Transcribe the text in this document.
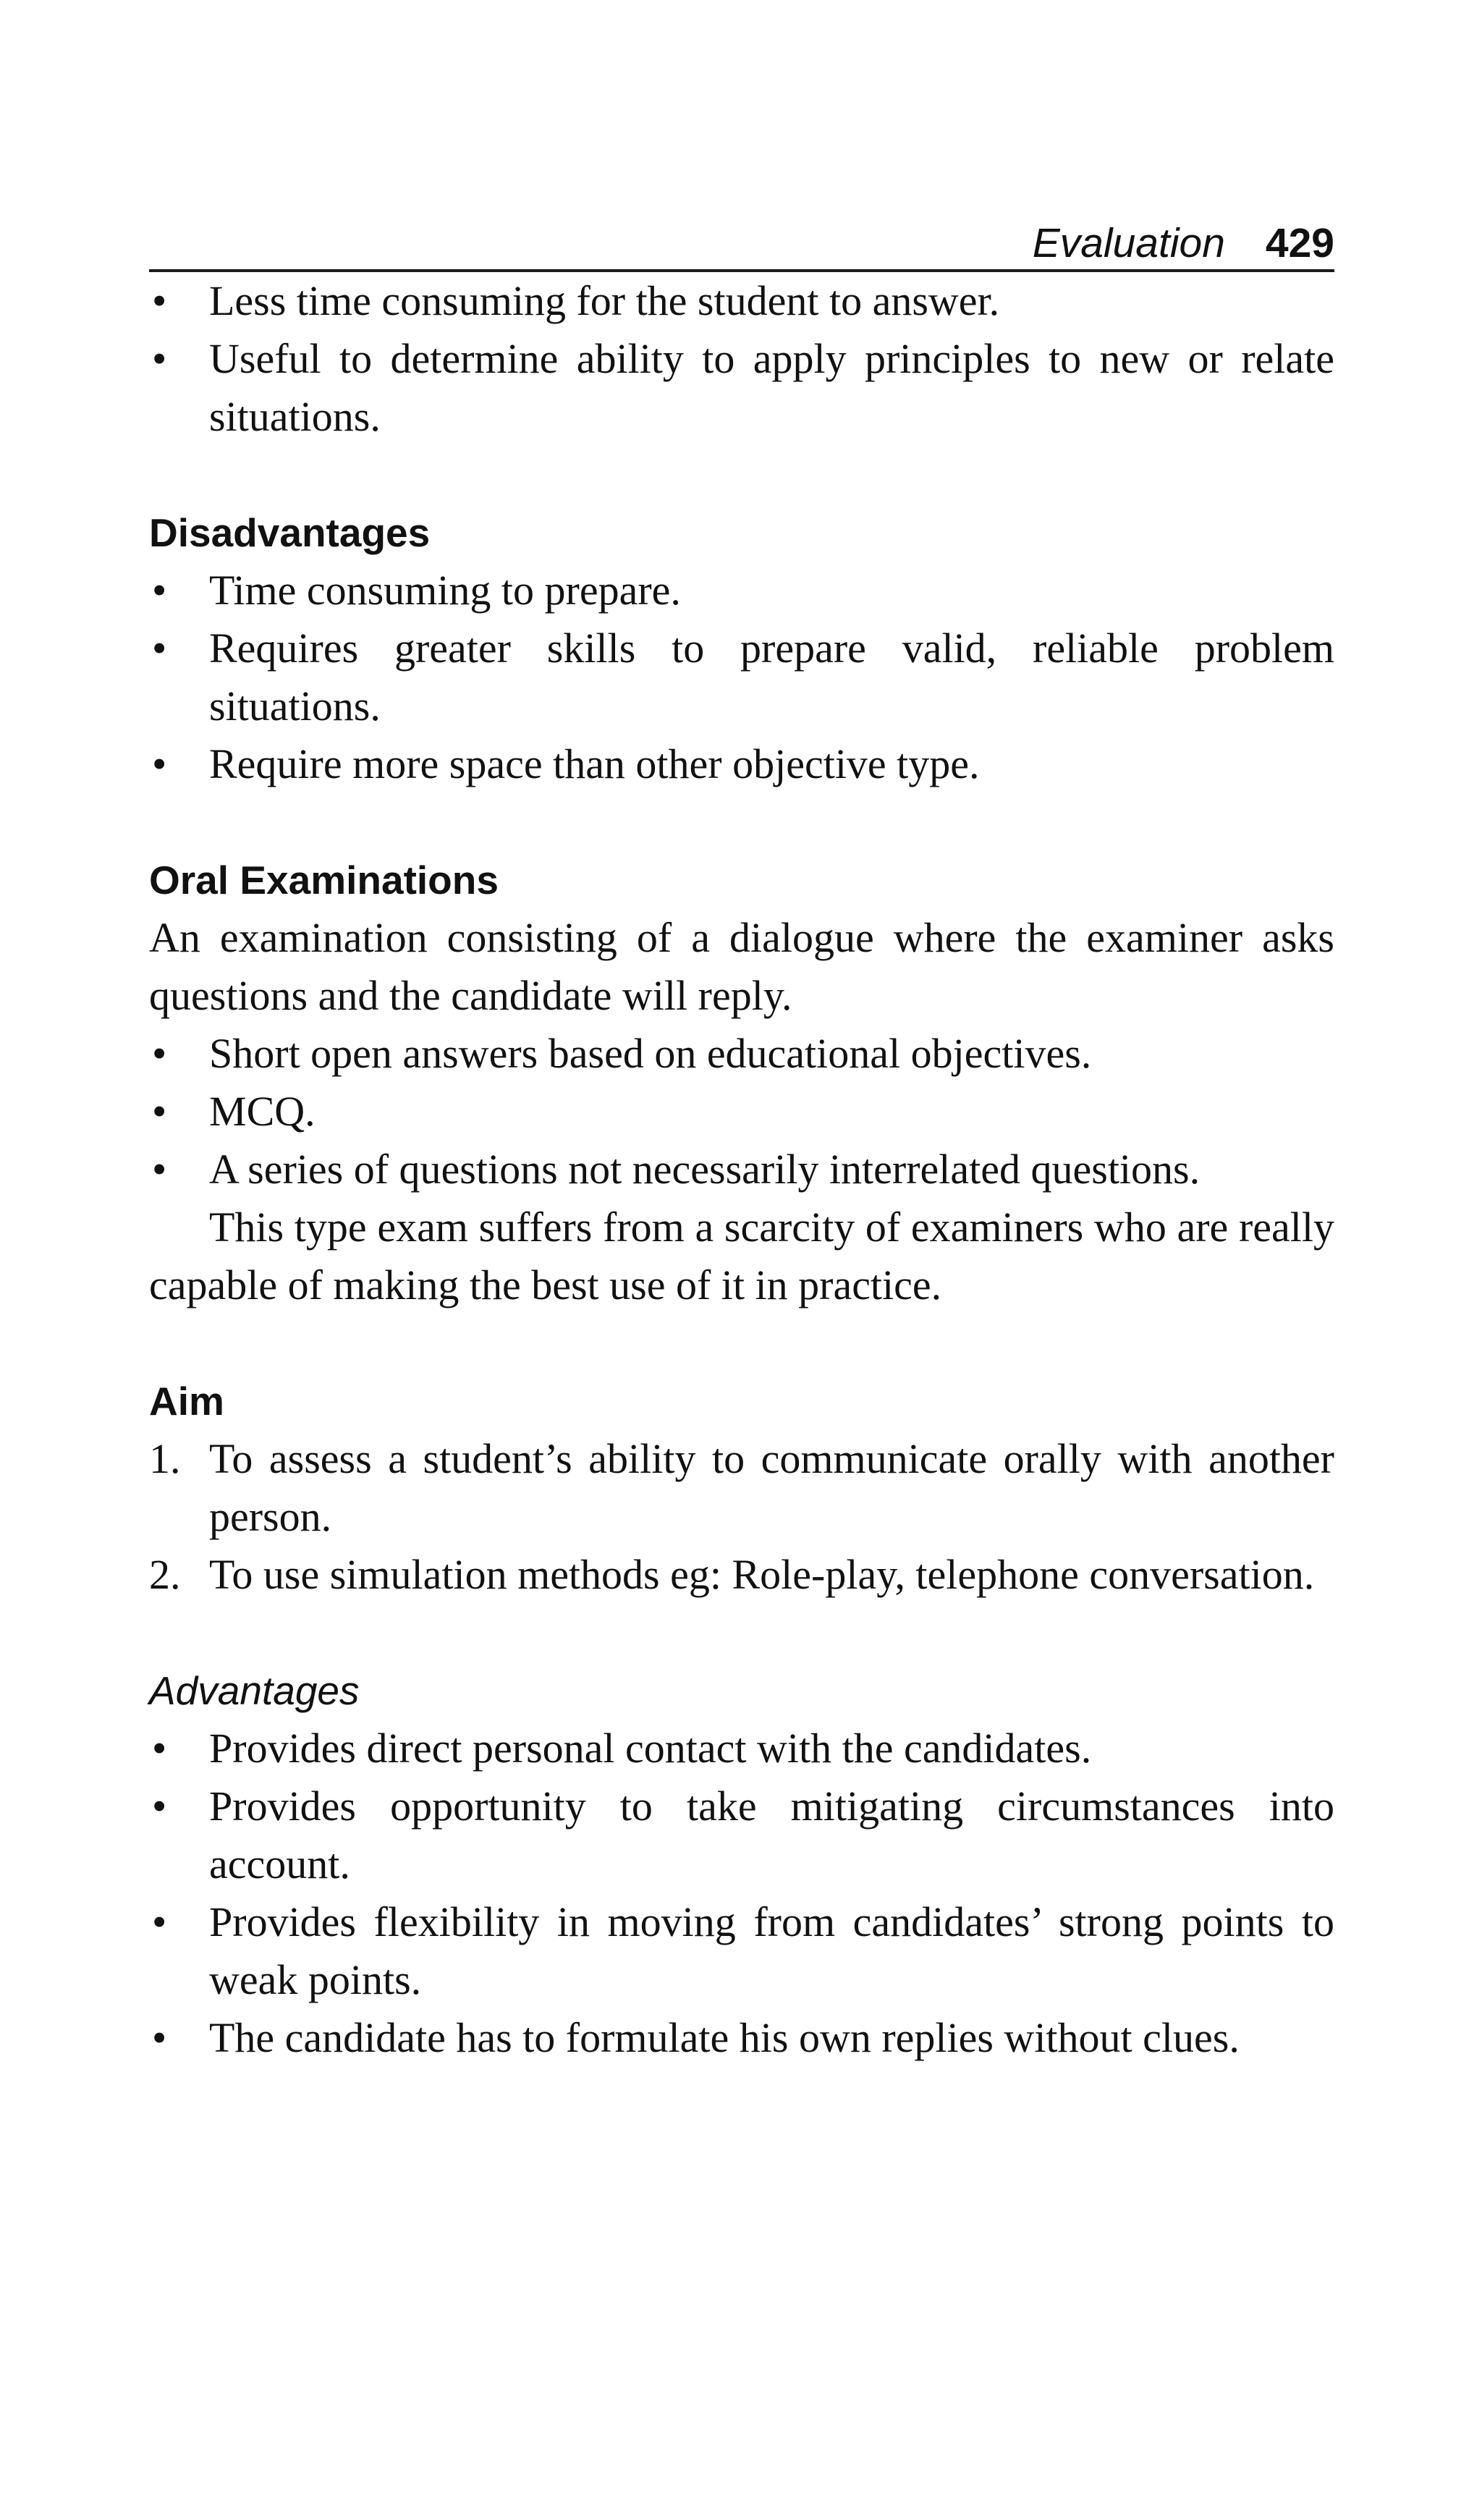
Evaluation 429
• Less time consuming for the student to answer.
• Useful to determine ability to apply principles to new or relate situations.
Disadvantages
• Time consuming to prepare.
• Requires greater skills to prepare valid, reliable problem situations.
• Require more space than other objective type.
Oral Examinations

An examination consisting of a dialogue where the examiner asks questions and the candidate will reply.

• Short open answers based on educational objectives.
• MCQ.
• A series of questions not necessarily interrelated questions.

This type exam suffers from a scarcity of examiners who are really capable of making the best use of it in practice.

Aim
1. To assess a student’s ability to communicate orally with another person.
2. To use simulation methods eg: Role-play, telephone conversation.
Advantages
• Provides direct personal contact with the candidates.
• Provides opportunity to take mitigating circumstances into account.
• Provides flexibility in moving from candidates’ strong points to weak points.
• The candidate has to formulate his own replies without clues.
